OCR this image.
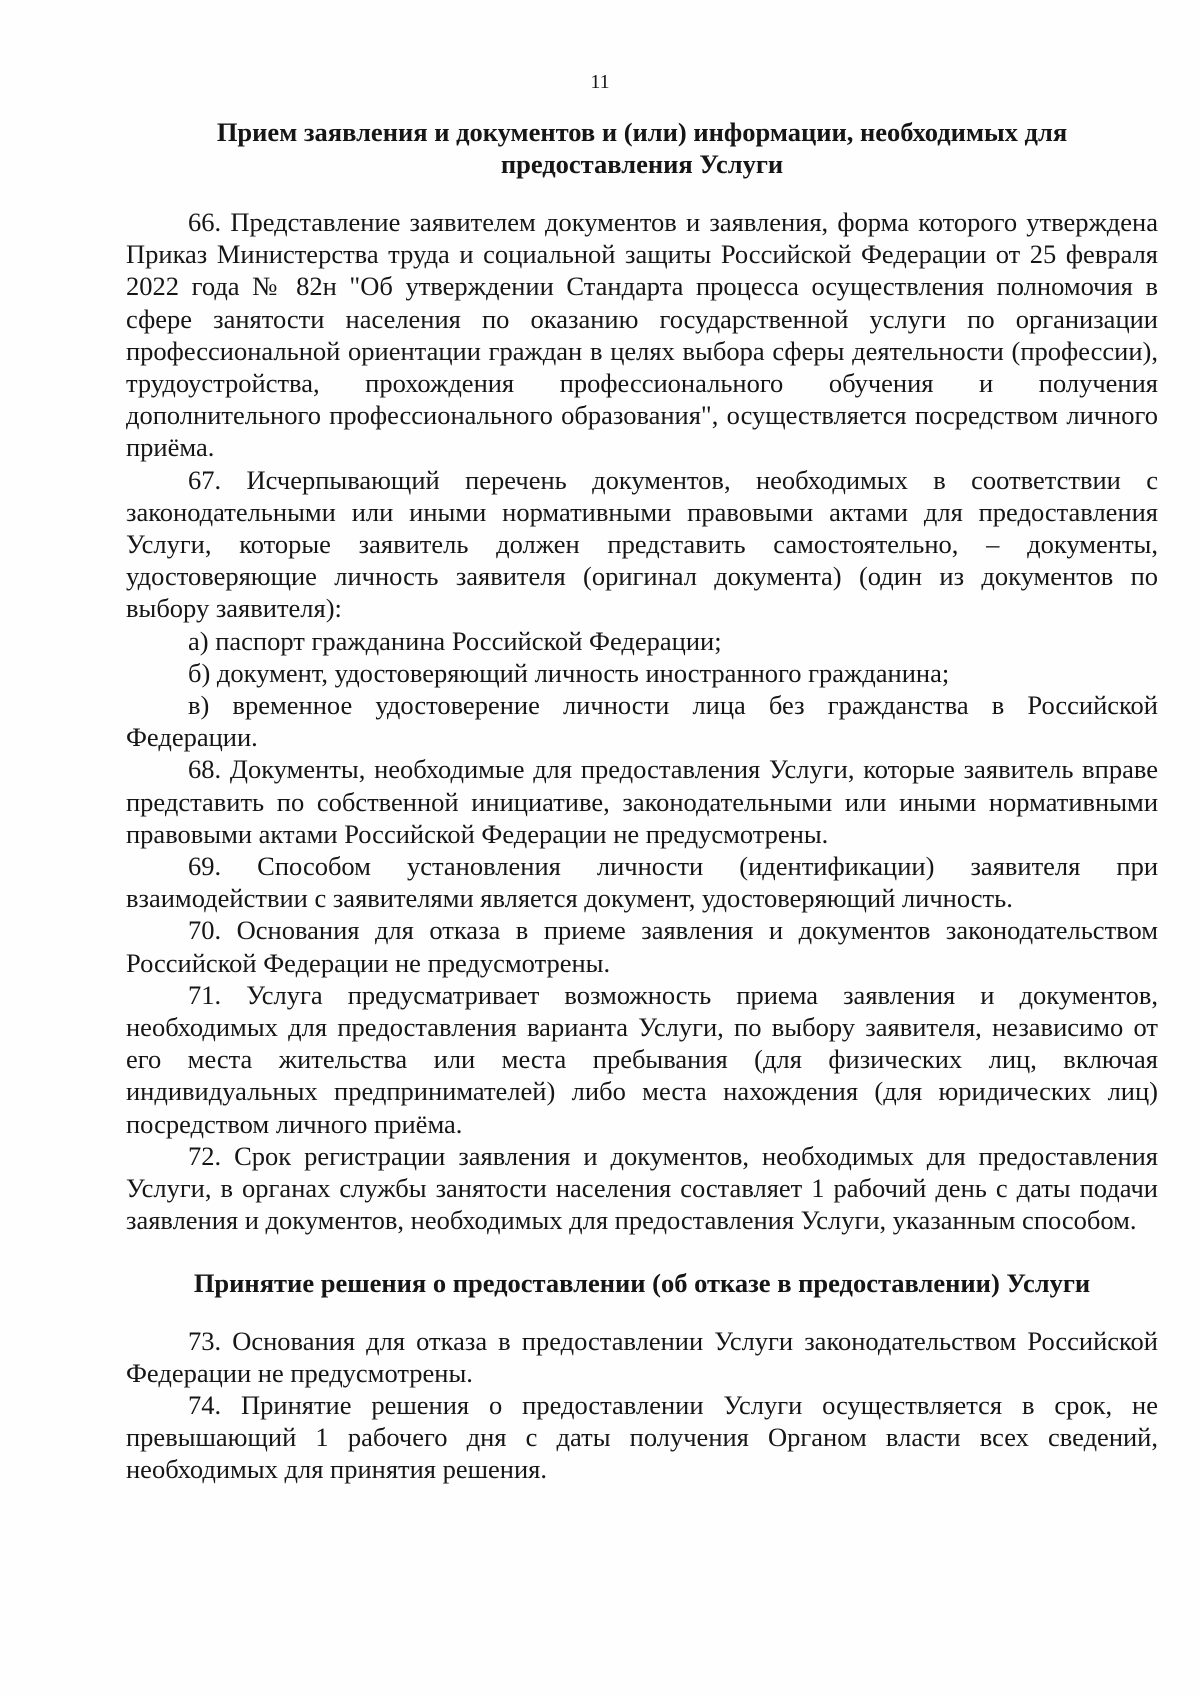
11
Прием заявления и документов и (или) информации, необходимых для предоставления Услуги

66. Представление заявителем документов и заявления, форма которого утверждена Приказ Министерства труда и социальной защиты Российской Федерации от 25 февраля 2022 года № 82н "Об утверждении Стандарта процесса осуществления полномочия в сфере занятости населения по оказанию государственной услуги по организации профессиональной ориентации граждан в целях выбора сферы деятельности (профессии), трудоустройства, прохождения профессионального обучения и получения дополнительного профессионального образования", осуществляется посредством личного приёма.

67. Исчерпывающий перечень документов, необходимых в соответствии с законодательными или иными нормативными правовыми актами для предоставления Услуги, которые заявитель должен представить самостоятельно, – документы, удостоверяющие личность заявителя (оригинал документа) (один из документов по выбору заявителя):

а) паспорт гражданина Российской Федерации;

б) документ, удостоверяющий личность иностранного гражданина;

в) временное удостоверение личности лица без гражданства в Российской Федерации.

68. Документы, необходимые для предоставления Услуги, которые заявитель вправе представить по собственной инициативе, законодательными или иными нормативными правовыми актами Российской Федерации не предусмотрены.

69. Способом установления личности (идентификации) заявителя при взаимодействии с заявителями является документ, удостоверяющий личность.

70. Основания для отказа в приеме заявления и документов законодательством Российской Федерации не предусмотрены.

71. Услуга предусматривает возможность приема заявления и документов, необходимых для предоставления варианта Услуги, по выбору заявителя, независимо от его места жительства или места пребывания (для физических лиц, включая индивидуальных предпринимателей) либо места нахождения (для юридических лиц) посредством личного приёма.

72. Срок регистрации заявления и документов, необходимых для предоставления Услуги, в органах службы занятости населения составляет 1 рабочий день с даты подачи заявления и документов, необходимых для предоставления Услуги, указанным способом.

Принятие решения о предоставлении (об отказе в предоставлении) Услуги

73. Основания для отказа в предоставлении Услуги законодательством Российской Федерации не предусмотрены.

74. Принятие решения о предоставлении Услуги осуществляется в срок, не превышающий 1 рабочего дня с даты получения Органом власти всех сведений, необходимых для принятия решения.
